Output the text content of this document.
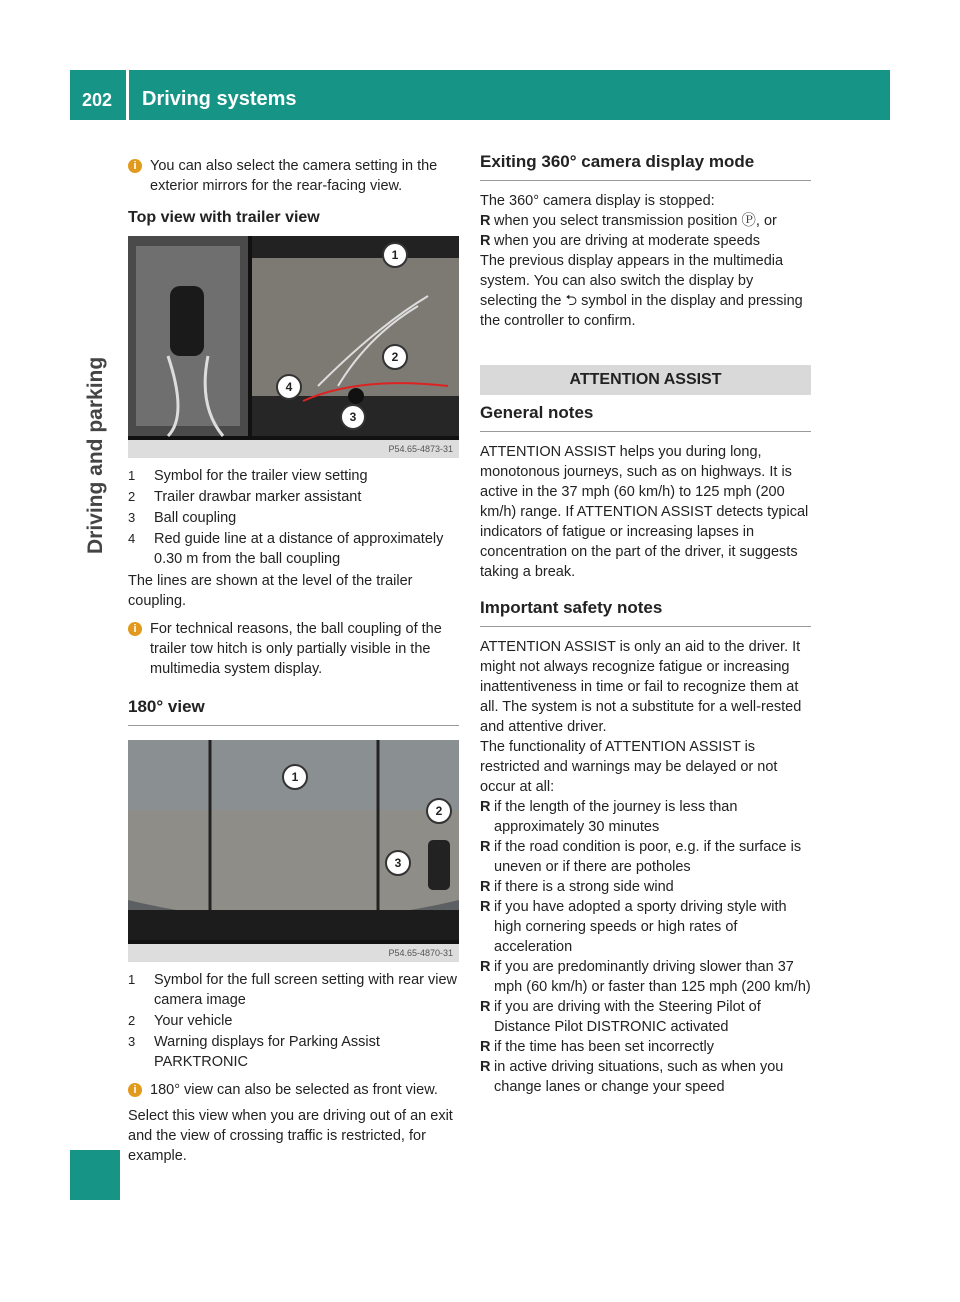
202 Driving systems
Driving and parking
i You can also select the camera setting in the exterior mirrors for the rear-facing view.
Top view with trailer view
1
2
3
4
P54.65-4873-31
1	Symbol for the trailer view setting
2	Trailer drawbar marker assistant
3	Ball coupling
4	Red guide line at a distance of approximately 0.30 m from the ball coupling

The lines are shown at the level of the trailer coupling.

i For technical reasons, the ball coupling of the trailer tow hitch is only partially visible in the multimedia system display.
180° view
1
2
3
P54.65-4870-31
1	Symbol for the full screen setting with rear view camera image
2	Your vehicle
3	Warning displays for Parking Assist PARKTRONIC
i 180° view can also be selected as front view.

Select this view when you are driving out of an exit and the view of crossing traffic is restricted, for example.

Exiting 360° camera display mode

The 360° camera display is stopped:

R when you select transmission position Ⓟ, or
R when you are driving at moderate speeds

The previous display appears in the multimedia system. You can also switch the display by selecting the ⮌ symbol in the display and pressing the controller to confirm.

ATTENTION ASSIST
General notes

ATTENTION ASSIST helps you during long, monotonous journeys, such as on highways. It is active in the 37 mph (60 km/h) to 125 mph (200 km/h) range. If ATTENTION ASSIST detects typical indicators of fatigue or increasing lapses in concentration on the part of the driver, it suggests taking a break.

Important safety notes

ATTENTION ASSIST is only an aid to the driver. It might not always recognize fatigue or increasing inattentiveness in time or fail to recognize them at all. The system is not a substitute for a well-rested and attentive driver.

The functionality of ATTENTION ASSIST is restricted and warnings may be delayed or not occur at all:

R if the length of the journey is less than approximately 30 minutes
R if the road condition is poor, e.g. if the surface is uneven or if there are potholes
R if there is a strong side wind
R if you have adopted a sporty driving style with high cornering speeds or high rates of acceleration
R if you are predominantly driving slower than 37 mph (60 km/h) or faster than 125 mph (200 km/h)
R if you are driving with the Steering Pilot of Distance Pilot DISTRONIC activated
R if the time has been set incorrectly
R in active driving situations, such as when you change lanes or change your speed
